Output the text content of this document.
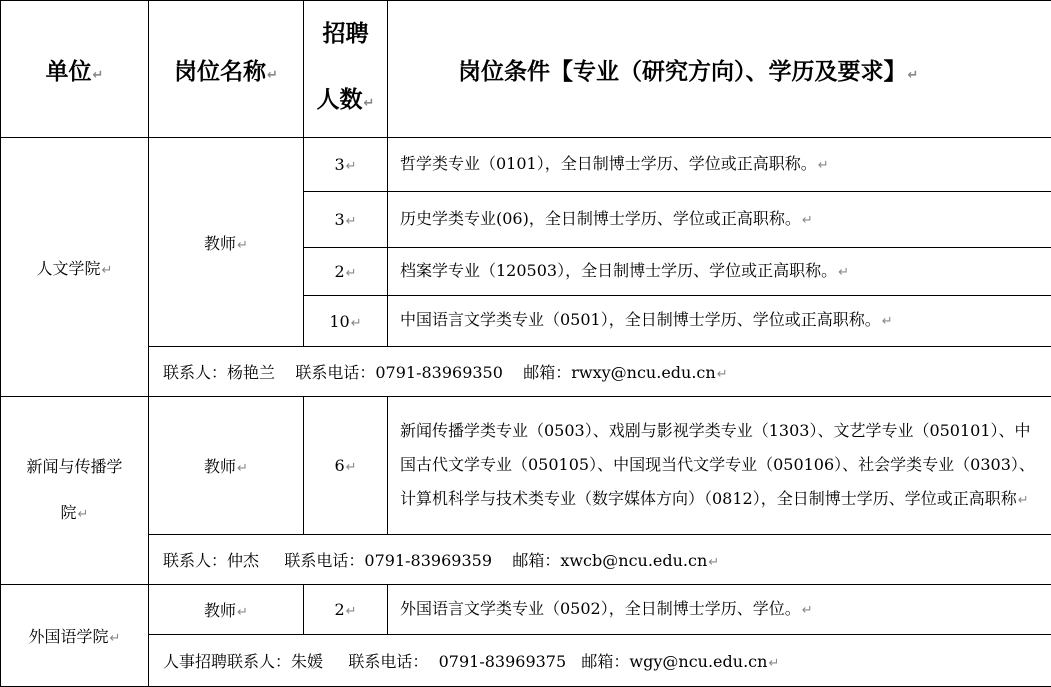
单位↵	岗位名称↵	招聘
人数↵	岗位条件【专业（研究方向）、学历及要求】↵
人文学院↵	教师↵	3↵	哲学类专业（0101），全日制博士学历、学位或正高职称。↵
		3↵	历史学类专业(06)，全日制博士学历、学位或正高职称。↵
		2↵	档案学专业（120503），全日制博士学历、学位或正高职称。↵
		10↵	中国语言文学类专业（0501），全日制博士学历、学位或正高职称。↵
	联系人：杨艳兰    联系电话：0791-83969350    邮箱：rwxy@ncu.edu.cn↵		
新闻与传播学
院↵	教师↵	6↵	新闻传播学类专业（0503）、戏剧与影视学类专业（1303）、文艺学专业（050101）、中国古代文学专业（050105）、中国现当代文学专业（050106）、社会学类专业（0303）、计算机科学与技术类专业（数字媒体方向）（0812），全日制博士学历、学位或正高职称↵
	联系人：仲杰     联系电话：0791-83969359    邮箱：xwcb@ncu.edu.cn↵		
外国语学院↵	教师↵	2↵	外国语言文学类专业（0502），全日制博士学历、学位。↵
	人事招聘联系人：朱媛     联系电话：  0791-83969375   邮箱：wgy@ncu.edu.cn↵		
